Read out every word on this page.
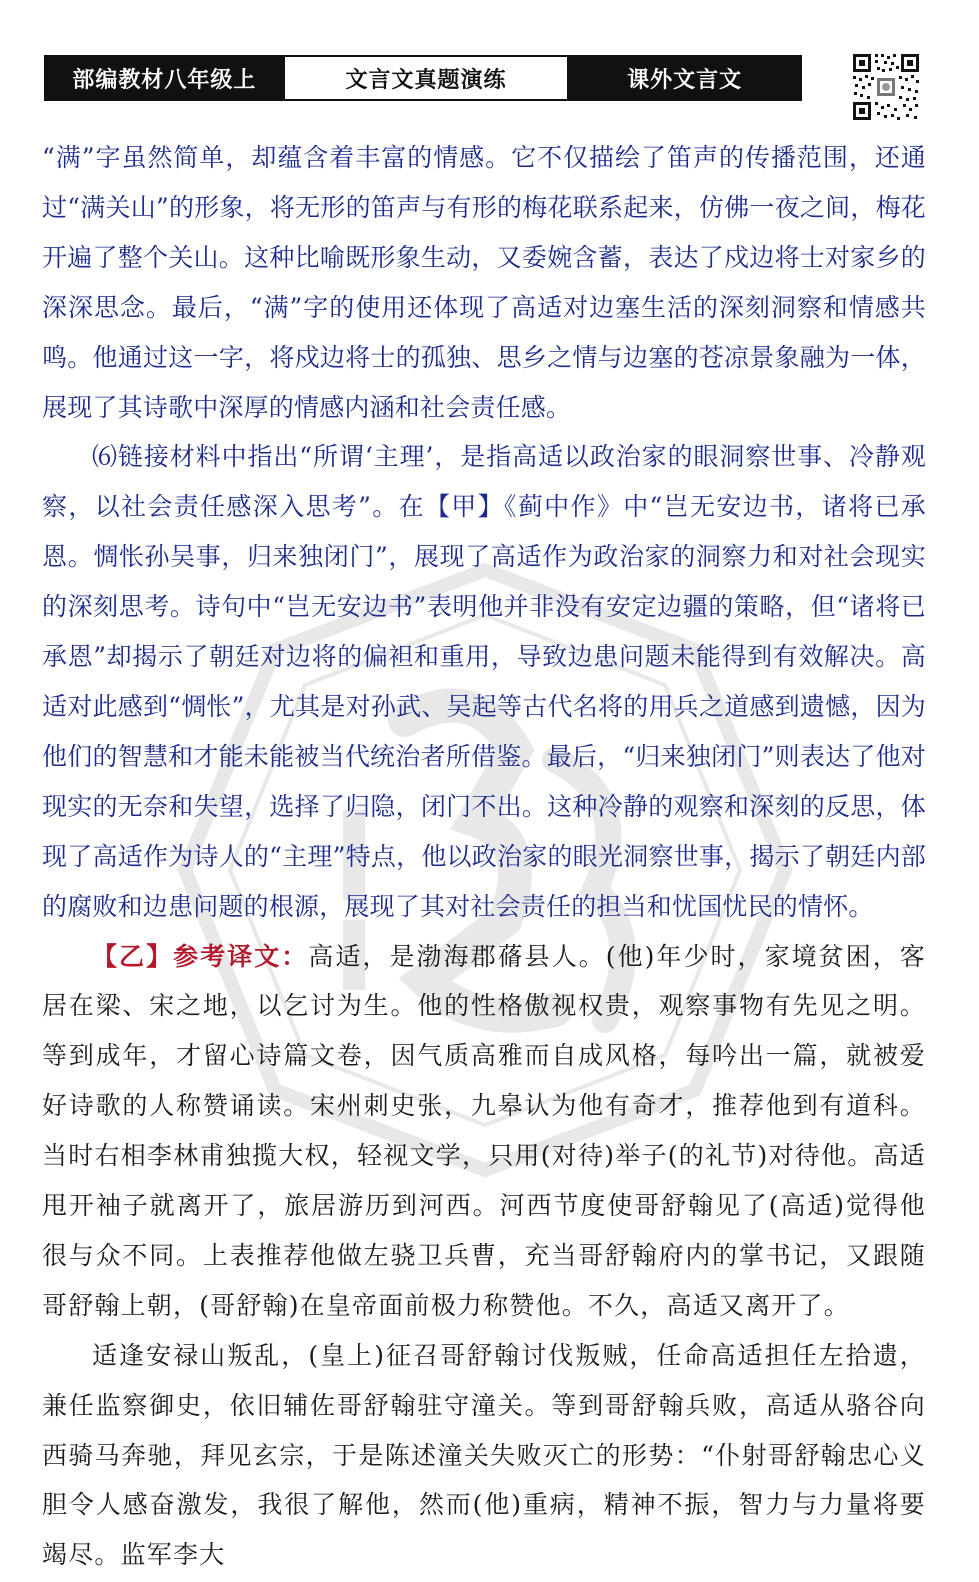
部编教材八年级上	文言文真题演练	课外文言文

“满”字虽然简单，却蕴含着丰富的情感。它不仅描绘了笛声的传播范围，还通过“满关山”的形象，将无形的笛声与有形的梅花联系起来，仿佛一夜之间，梅花开遍了整个关山。这种比喻既形象生动，又委婉含蓄，表达了戍边将士对家乡的深深思念。最后，“满”字的使用还体现了高适对边塞生活的深刻洞察和情感共鸣。他通过这一字，将戍边将士的孤独、思乡之情与边塞的苍凉景象融为一体，展现了其诗歌中深厚的情感内涵和社会责任感。

⑹链接材料中指出“所谓‘主理’，是指高适以政治家的眼洞察世事、冷静观察，以社会责任感深入思考”。在【甲】《蓟中作》中“岂无安边书，诸将已承恩。惆怅孙吴事，归来独闭门”，展现了高适作为政治家的洞察力和对社会现实的深刻思考。诗句中“岂无安边书”表明他并非没有安定边疆的策略，但“诸将已承恩”却揭示了朝廷对边将的偏袒和重用，导致边患问题未能得到有效解决。高适对此感到“惆怅”，尤其是对孙武、吴起等古代名将的用兵之道感到遗憾，因为他们的智慧和才能未能被当代统治者所借鉴。最后，“归来独闭门”则表达了他对现实的无奈和失望，选择了归隐，闭门不出。这种冷静的观察和深刻的反思，体现了高适作为诗人的“主理”特点，他以政治家的眼光洞察世事，揭示了朝廷内部的腐败和边患问题的根源，展现了其对社会责任的担当和忧国忧民的情怀。

【乙】参考译文：高适，是渤海郡蓨县人。(他)年少时，家境贫困，客居在梁、宋之地，以乞讨为生。他的性格傲视权贵，观察事物有先见之明。等到成年，才留心诗篇文卷，因气质高雅而自成风格，每吟出一篇，就被爱好诗歌的人称赞诵读。宋州刺史张，九皋认为他有奇才，推荐他到有道科。当时右相李林甫独揽大权，轻视文学，只用(对待)举子(的礼节)对待他。高适甩开袖子就离开了，旅居游历到河西。河西节度使哥舒翰见了(高适)觉得他很与众不同。上表推荐他做左骁卫兵曹，充当哥舒翰府内的掌书记，又跟随哥舒翰上朝，(哥舒翰)在皇帝面前极力称赞他。不久，高适又离开了。

适逢安禄山叛乱，(皇上)征召哥舒翰讨伐叛贼，任命高适担任左拾遗，兼任监察御史，依旧辅佐哥舒翰驻守潼关。等到哥舒翰兵败，高适从骆谷向西骑马奔驰，拜见玄宗，于是陈述潼关失败灭亡的形势：“仆射哥舒翰忠心义胆令人感奋激发，我很了解他，然而(他)重病，精神不振，智力与力量将要竭尽。监军李大
